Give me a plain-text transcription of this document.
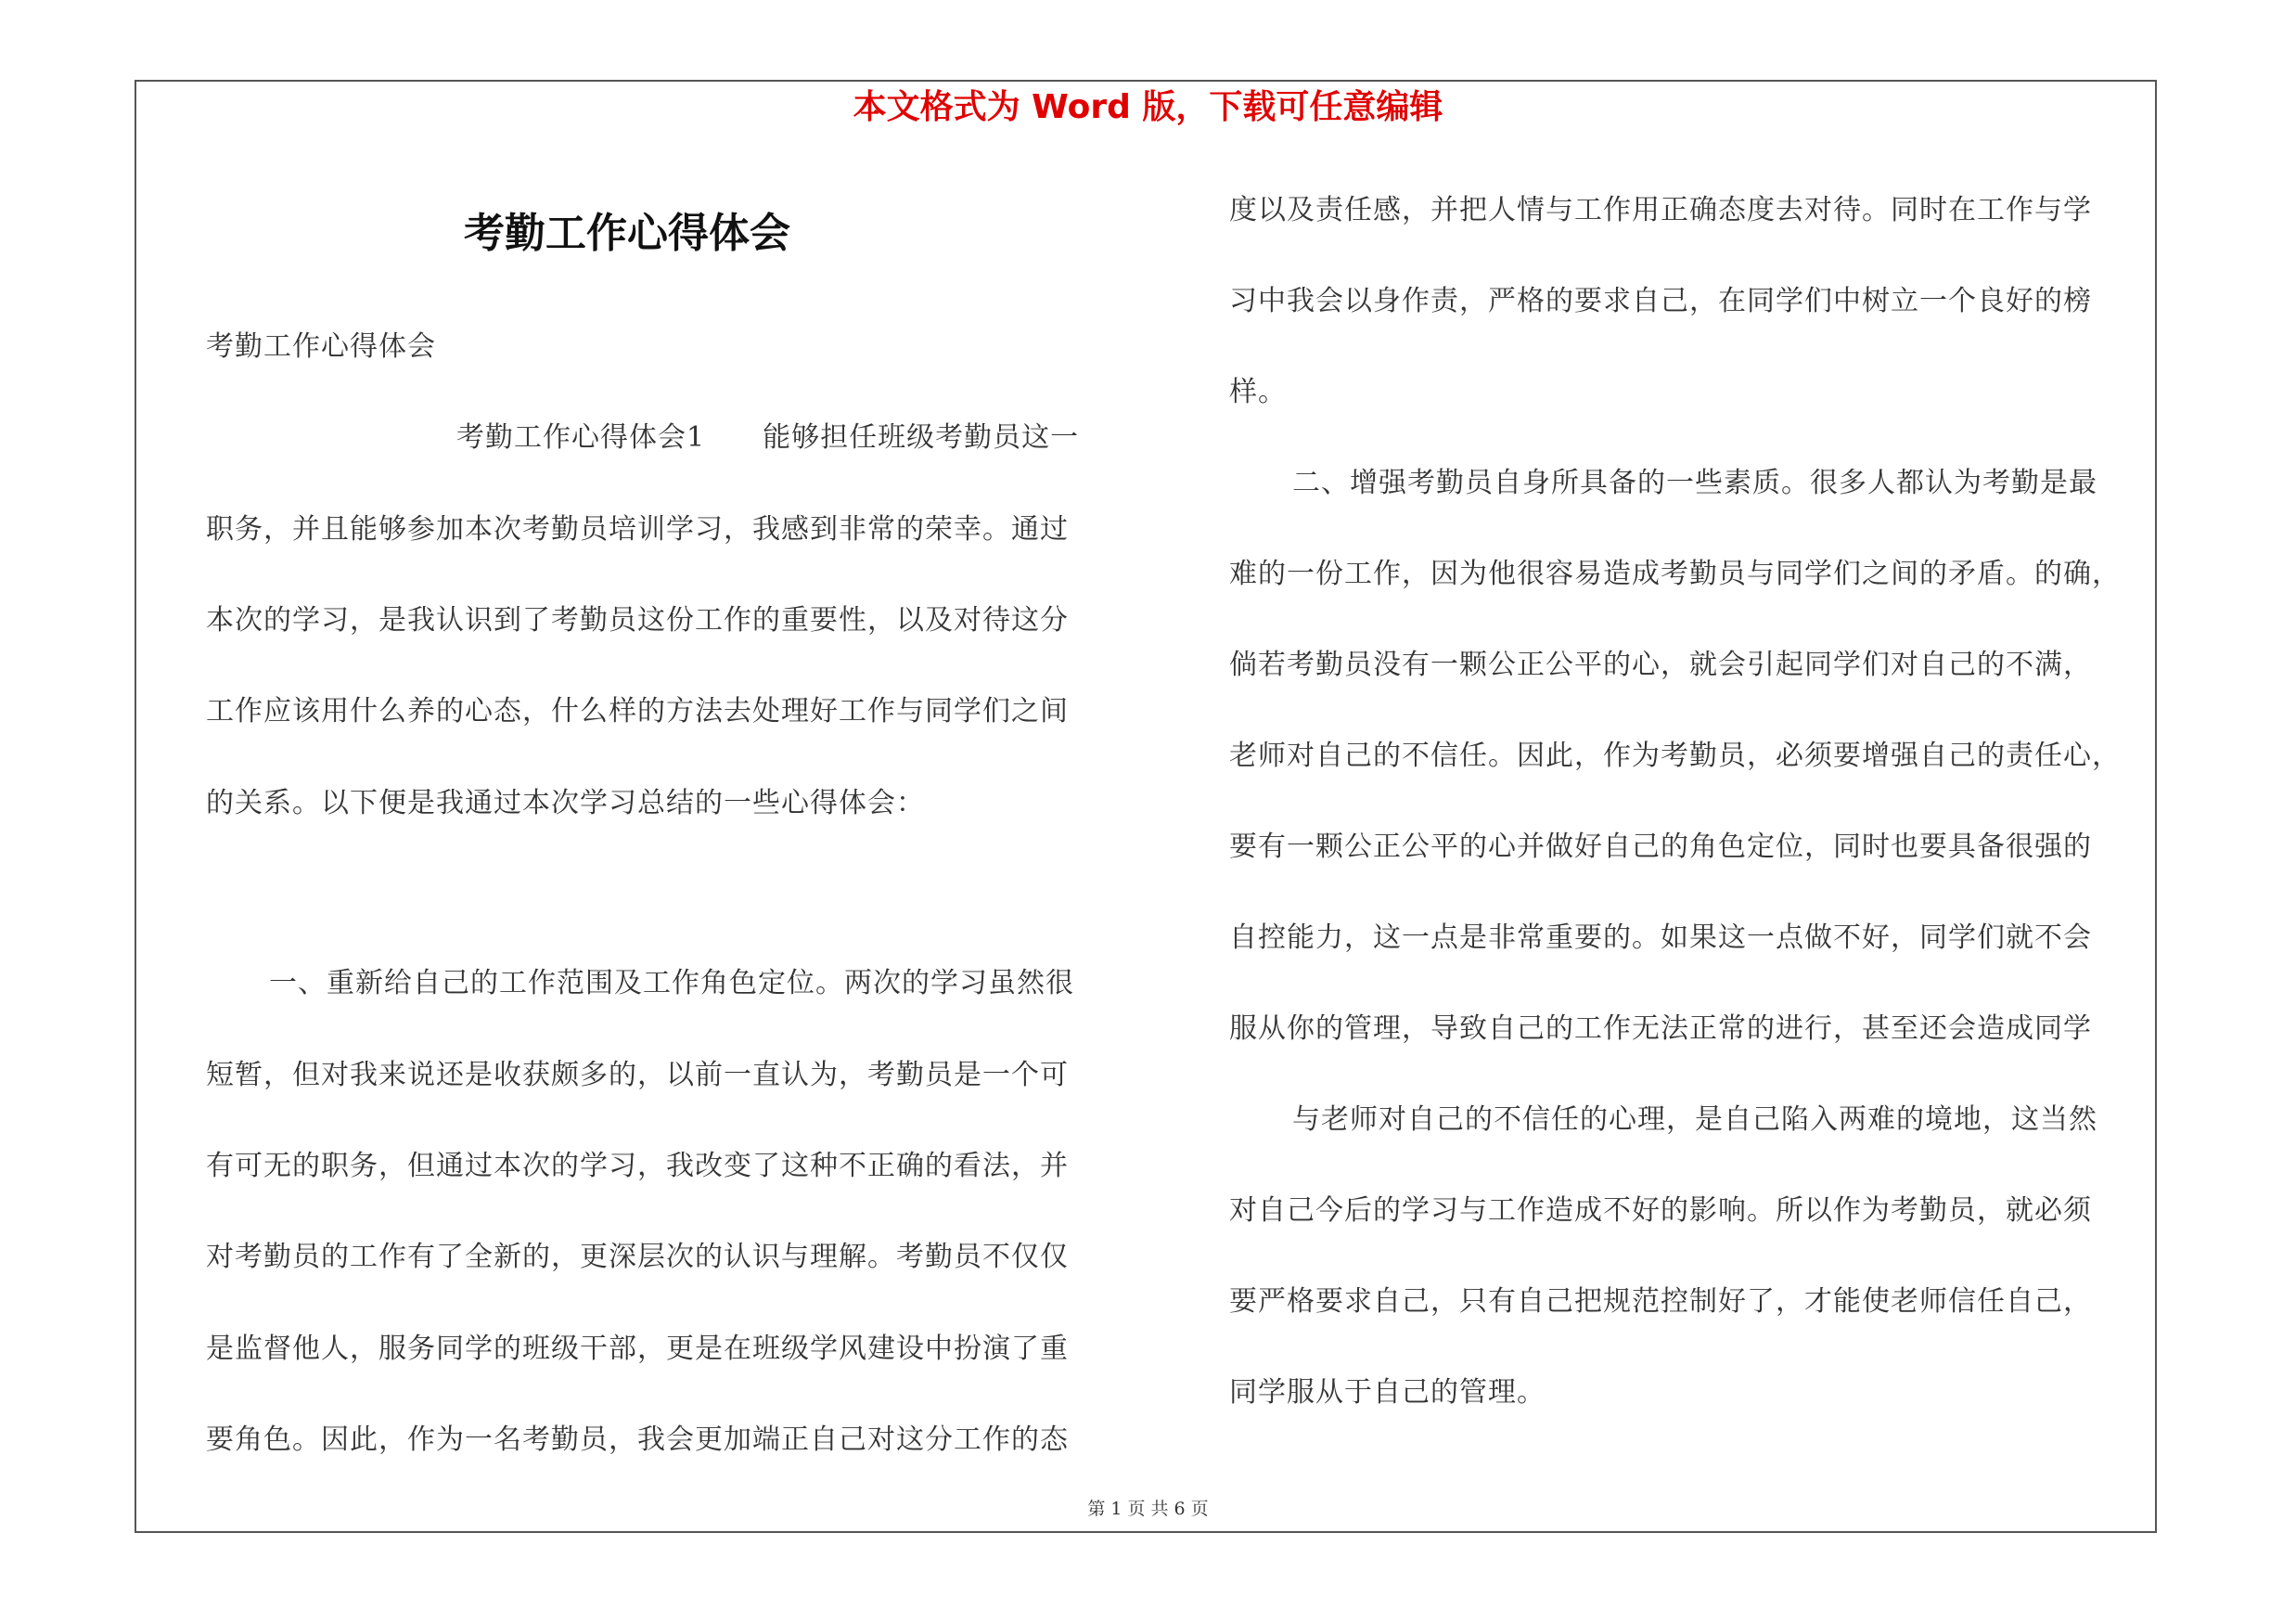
本文格式为 Word 版，下载可任意编辑
考勤工作心得体会
考勤工作心得体会
考勤工作心得体会1　　能够担任班级考勤员这一
职务，并且能够参加本次考勤员培训学习，我感到非常的荣幸。通过
本次的学习，是我认识到了考勤员这份工作的重要性，以及对待这分
工作应该用什么养的心态，什么样的方法去处理好工作与同学们之间
的关系。以下便是我通过本次学习总结的一些心得体会：
一、重新给自己的工作范围及工作角色定位。两次的学习虽然很
短暂，但对我来说还是收获颇多的，以前一直认为，考勤员是一个可
有可无的职务，但通过本次的学习，我改变了这种不正确的看法，并
对考勤员的工作有了全新的，更深层次的认识与理解。考勤员不仅仅
是监督他人，服务同学的班级干部，更是在班级学风建设中扮演了重
要角色。因此，作为一名考勤员，我会更加端正自己对这分工作的态
度以及责任感，并把人情与工作用正确态度去对待。同时在工作与学
习中我会以身作责，严格的要求自己，在同学们中树立一个良好的榜
样。
二、增强考勤员自身所具备的一些素质。很多人都认为考勤是最
难的一份工作，因为他很容易造成考勤员与同学们之间的矛盾。的确，
倘若考勤员没有一颗公正公平的心，就会引起同学们对自己的不满，
老师对自己的不信任。因此，作为考勤员，必须要增强自己的责任心，
要有一颗公正公平的心并做好自己的角色定位，同时也要具备很强的
自控能力，这一点是非常重要的。如果这一点做不好，同学们就不会
服从你的管理，导致自己的工作无法正常的进行，甚至还会造成同学
与老师对自己的不信任的心理，是自己陷入两难的境地，这当然
对自己今后的学习与工作造成不好的影响。所以作为考勤员，就必须
要严格要求自己，只有自己把规范控制好了，才能使老师信任自己，
同学服从于自己的管理。
第 1 页 共 6 页
